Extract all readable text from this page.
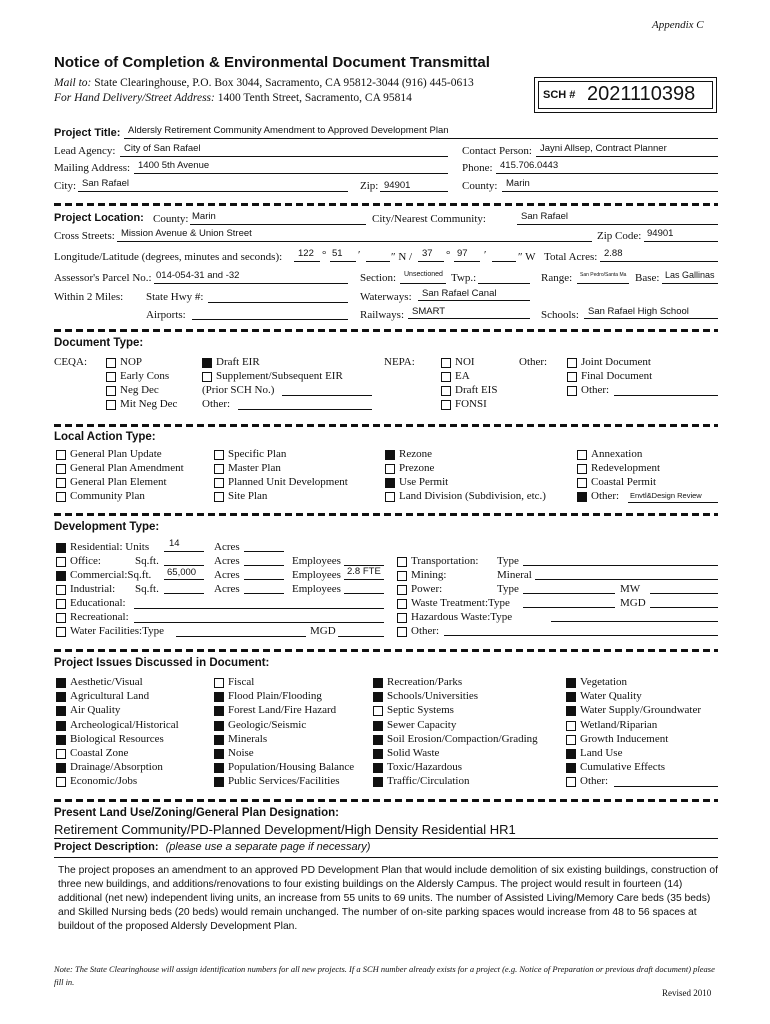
Appendix C
Notice of Completion & Environmental Document Transmittal
Mail to: State Clearinghouse, P.O. Box 3044, Sacramento, CA 95812-3044 (916) 445-0613
For Hand Delivery/Street Address: 1400 Tenth Street, Sacramento, CA 95814	SCH # 2021110398
Project Title: Aldersly Retirement Community Amendment to Approved Development Plan
Lead Agency: City of San Rafael	Contact Person: Jayni Allsep, Contract Planner
Mailing Address: 1400 5th Avenue	Phone: 415.706.0443
City: San Rafael	Zip: 94901	County: Marin
Project Location: County: Marin	City/Nearest Community:	San Rafael
Cross Streets: Mission Avenue & Union Street	Zip Code: 94901
Longitude/Latitude (degrees, minutes and seconds): 122 ° 51 ′	″ N / 37 ° 97 ′	″ W Total Acres: 2.88
Assessor's Parcel No.: 014-054-31 and -32	Section: Unsectioned Twp.:	Range: San Pedro/Santa Ma Base: Las Gallinas
Within 2 Miles: State Hwy #:	Waterways: San Rafael Canal
Airports:	Railways: SMART	Schools: San Rafael High School
Document Type:
CEQA:	NOP
Early Cons
Neg Dec
Mit Neg Dec
Draft EIR
Supplement/Subsequent EIR
(Prior SCH No.)
Other:
NEPA:	NOI
EA
Draft EIS
FONSI
Other:	Joint Document
Final Document
Other:
Local Action Type:
General Plan Update
General Plan Amendment
General Plan Element
Community Plan
Specific Plan
Master Plan
Planned Unit Development
Site Plan
Rezone
Prezone
Use Permit
Land Division (Subdivision, etc.)
Annexation
Redevelopment
Coastal Permit
Other: Envtl&Design Review
Development Type:
Residential: Units 14	Acres
Office:	Sq.ft.	Acres	Employees
Commercial:Sq.ft. 65,000 Acres	Employees 2.8 FTE
Industrial: Sq.ft.	Acres	Employees
Educational:
Recreational:
Water Facilities:Type	MGD
Transportation: Type
Mining:	Mineral
Power:	Type	MW
Waste Treatment:Type	MGD
Hazardous Waste:Type
Other:
Project Issues Discussed in Document:
Aesthetic/Visual
Agricultural Land
Air Quality
Archeological/Historical
Biological Resources
Coastal Zone
Drainage/Absorption
Economic/Jobs
Fiscal
Flood Plain/Flooding
Forest Land/Fire Hazard
Geologic/Seismic
Minerals
Noise
Population/Housing Balance
Public Services/Facilities
Recreation/Parks
Schools/Universities
Septic Systems
Sewer Capacity
Soil Erosion/Compaction/Grading
Solid Waste
Toxic/Hazardous
Traffic/Circulation
Vegetation
Water Quality
Water Supply/Groundwater
Wetland/Riparian
Growth Inducement
Land Use
Cumulative Effects
Other:
Present Land Use/Zoning/General Plan Designation:
Retirement Community/PD-Planned Development/High Density Residential HR1
Project Description: (please use a separate page if necessary)
The project proposes an amendment to an approved PD Development Plan that would include demolition of six existing buildings, construction of three new buildings, and additions/renovations to four existing buildings on the Aldersly Campus. The project would result in fourteen (14) additional (net new) independent living units, an increase from 55 units to 69 units. The number of Assisted Living/Memory Care beds (35 beds) and Skilled Nursing beds (20 beds) would remain unchanged. The number of on-site parking spaces would increase from 48 to 56 spaces at buildout of the proposed Aldersly Development Plan.
Note: The State Clearinghouse will assign identification numbers for all new projects. If a SCH number already exists for a project (e.g. Notice of Preparation or previous draft document) please fill in.
Revised 2010
